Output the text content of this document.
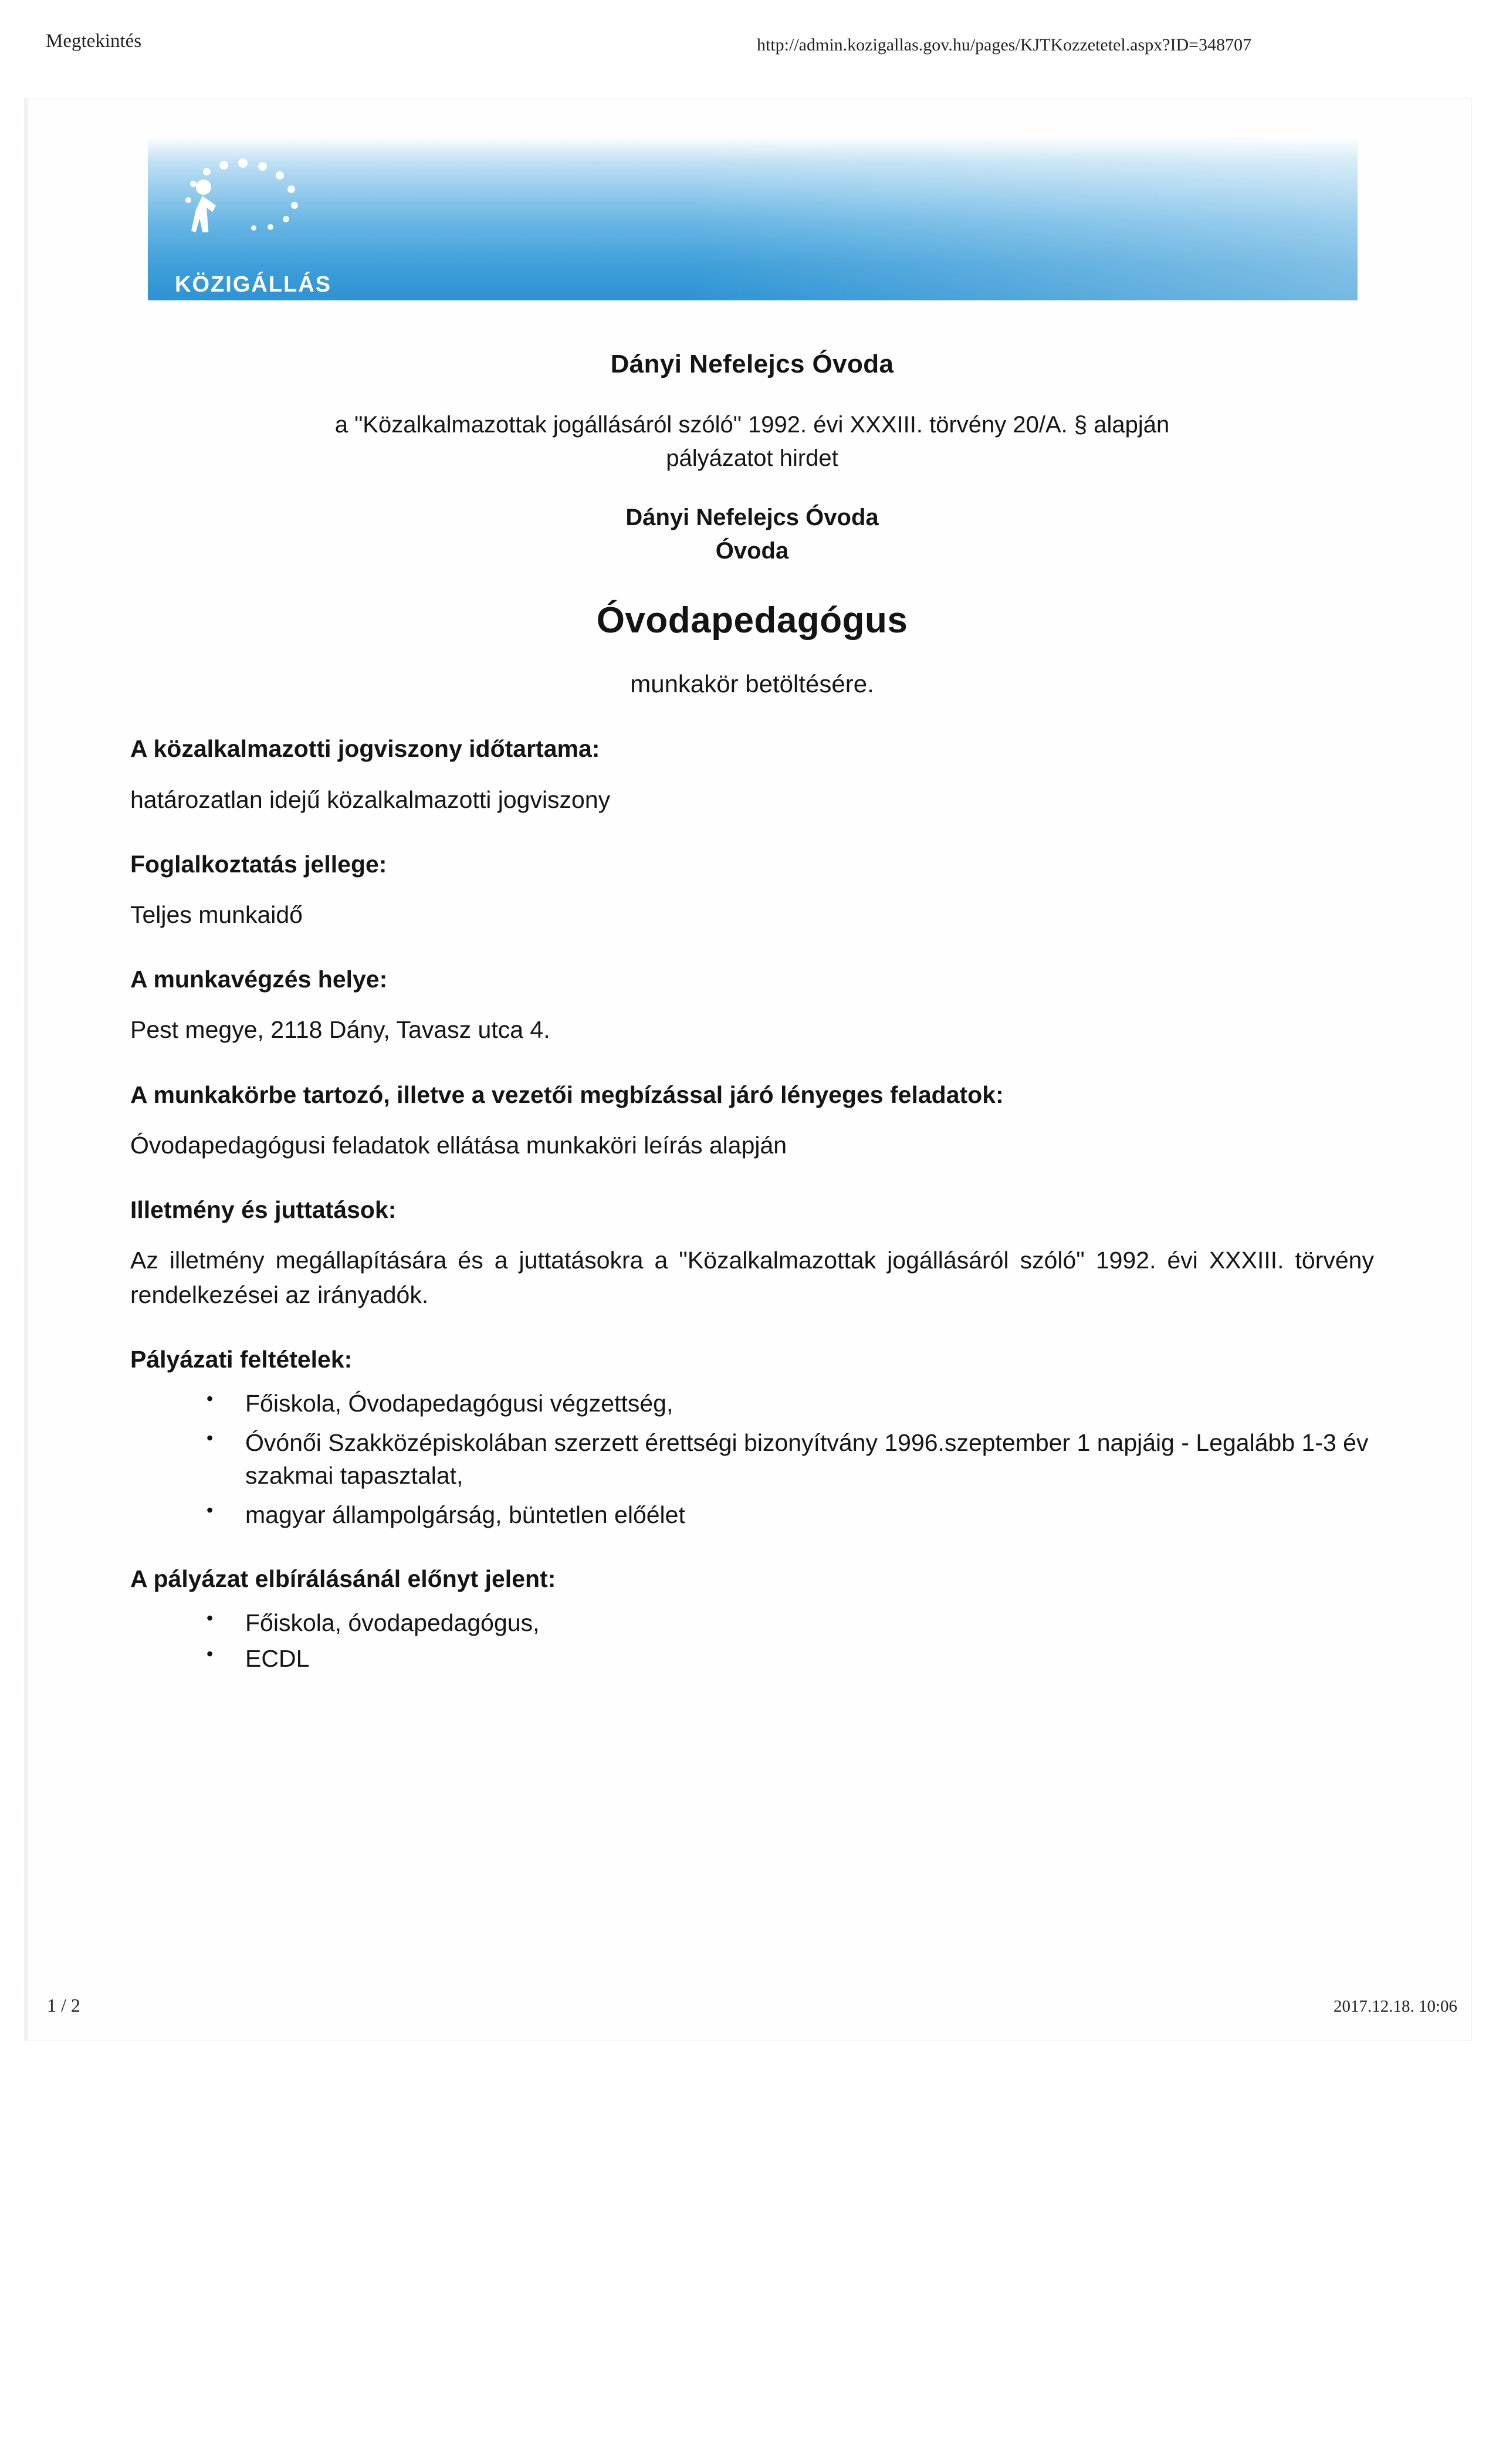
Megtekintés	http://admin.kozigallas.gov.hu/pages/KJTKozzetetel.aspx?ID=348707
KÖZIGÁLLÁS
Dányi Nefelejcs Óvoda
a "Közalkalmazottak jogállásáról szóló" 1992. évi XXXIII. törvény 20/A. § alapján
pályázatot hirdet
Dányi Nefelejcs Óvoda
Óvoda
Óvodapedagógus
munkakör betöltésére.
A közalkalmazotti jogviszony időtartama:
határozatlan idejű közalkalmazotti jogviszony
Foglalkoztatás jellege:
Teljes munkaidő
A munkavégzés helye:
Pest megye, 2118 Dány, Tavasz utca 4.
A munkakörbe tartozó, illetve a vezetői megbízással járó lényeges feladatok:
Óvodapedagógusi feladatok ellátása munkaköri leírás alapján
Illetmény és juttatások:
Az illetmény megállapítására és a juttatásokra a "Közalkalmazottak jogállásáról szóló" 1992. évi XXXIII. törvény rendelkezései az irányadók.
Pályázati feltételek:
• Főiskola, Óvodapedagógusi végzettség,
• Óvónői Szakközépiskolában szerzett érettségi bizonyítvány 1996.szeptember 1 napjáig - Legalább 1-3 év szakmai tapasztalat,
• magyar állampolgárság, büntetlen előélet
A pályázat elbírálásánál előnyt jelent:
• Főiskola, óvodapedagógus,
• ECDL
1 / 2	2017.12.18. 10:06
